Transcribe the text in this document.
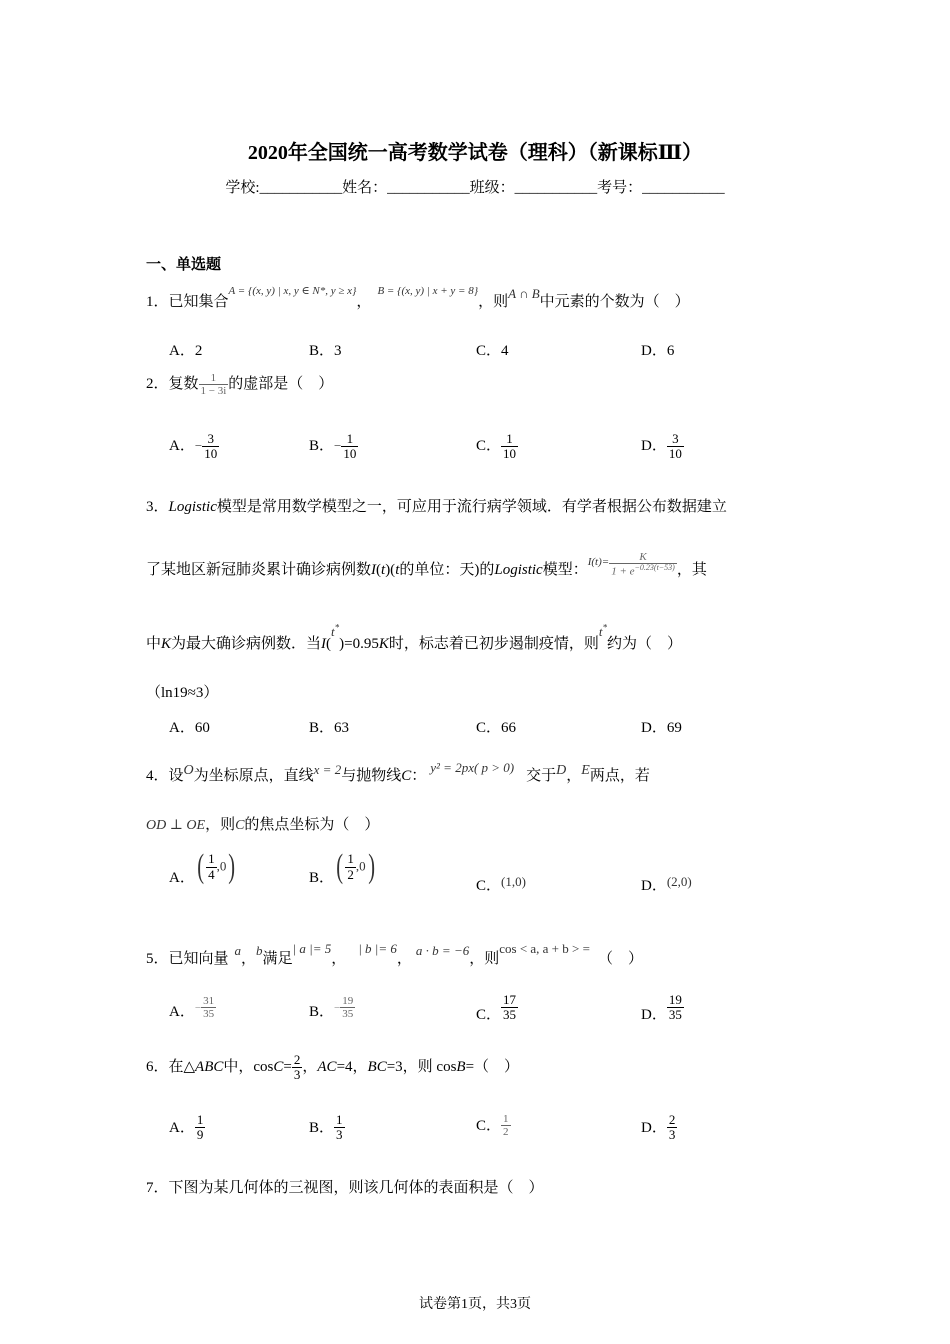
2020年全国统一高考数学试卷（理科）（新课标Ⅲ）
学校:___________姓名：___________班级：___________考号：___________
一、单选题
1．已知集合$^{A = \{(x, y) | x, y \in N*, y \ge x\}}$，$^{B = \{(x, y) | x + y = 8\}}$，则A ∩ B中元素的个数为（　）
A．2	B．3	C．4	D．6
2．复数 $\frac{1}{1 - 3i}$ 的虚部是（　）
A．− $\frac{3}{10}$	B．− $\frac{1}{10}$	C． $\frac{1}{10}$	D． $\frac{3}{10}$
3．Logistic模型是常用数学模型之一，可应用于流行病学领域．有学者根据公布数据建立
了某地区新冠肺炎累计确诊病例数I(t)(t的单位：天)的Logistic模型：$^{I(t)=} \frac{K}{1 + e^{-0.23(t-53)}}$ ，其
中K为最大确诊病例数．当I(t*)=0.95K时，标志着已初步遏制疫情，则t*约为（　）
（ln19≈3）
A．60	B．63	C．66	D．69
4．设O为坐标原点，直线x = 2与抛物线C：y² = 2px( p > 0)交于D，E两点，若
OD ⊥ OE，则C的焦点坐标为（　）
A．( $\frac{1}{4} ,0$)	B．( $\frac{1}{2} ,0$)
C．(1,0)	D．(2,0)
5．已知向量a，b满足| a |= 5，| b |= 6，a · b = −6，则cos < a, a + b > =（　）
A．− $\frac{31}{35}$	B．− $\frac{19}{35}$	C． $\frac{17}{35}$	D． $\frac{19}{35}$
6．在△ABC中，$\cos C= \frac{2}{3}$ ，AC=4，BC=3，则 cosB=（　）
A． $\frac{1}{9}$	B． $\frac{1}{3}$	C． $\frac{1}{2}$	D． $\frac{2}{3}$
7．下图为某几何体的三视图，则该几何体的表面积是（　）
试卷第1页，共3页
